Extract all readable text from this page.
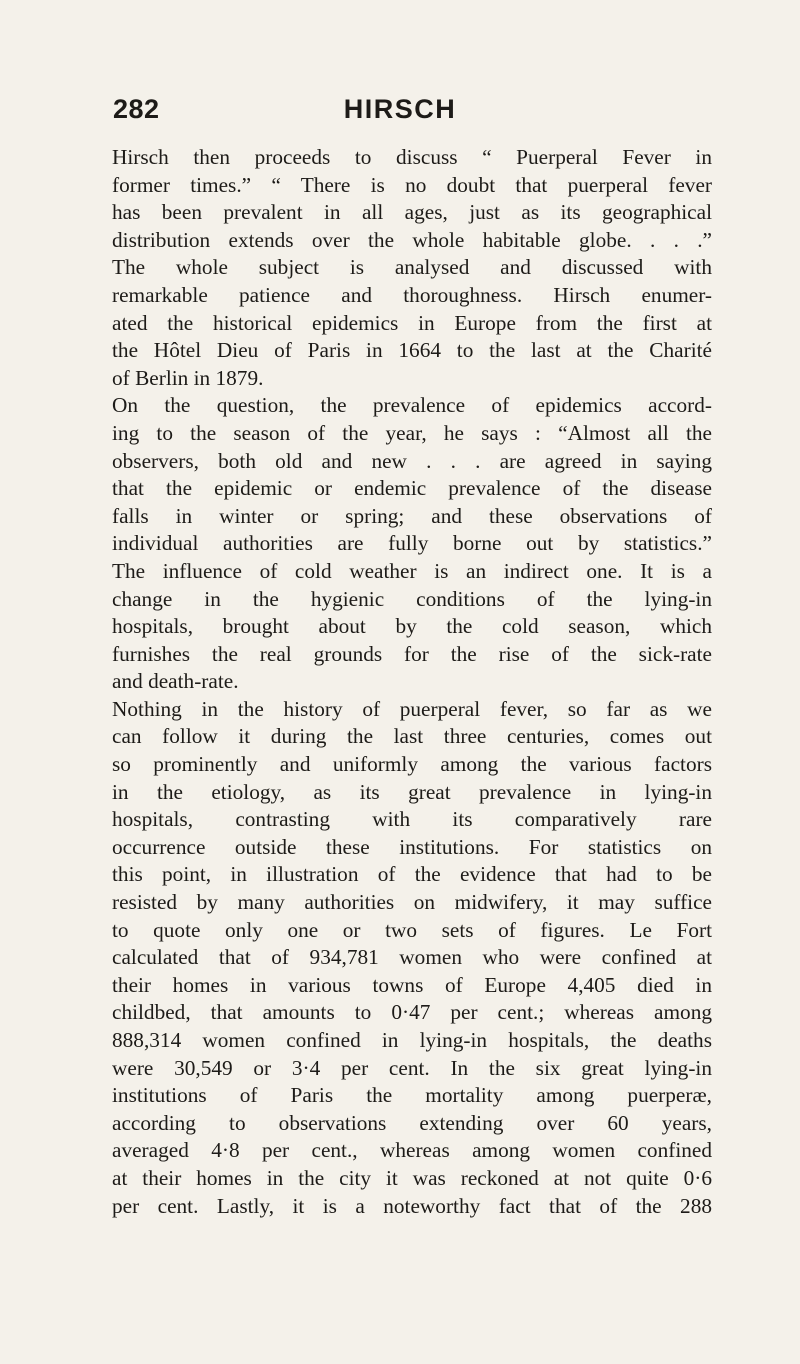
282	HIRSCH
Hirsch then proceeds to discuss “ Puerperal Fever in
former times.” “ There is no doubt that puerperal fever
has been prevalent in all ages, just as its geographical
distribution extends over the whole habitable globe. . . .”
The whole subject is analysed and discussed with
remarkable patience and thoroughness. Hirsch enumer-
ated the historical epidemics in Europe from the first at
the Hôtel Dieu of Paris in 1664 to the last at the Charité
of Berlin in 1879.
On the question, the prevalence of epidemics accord-
ing to the season of the year, he says : “Almost all the
observers, both old and new . . . are agreed in saying
that the epidemic or endemic prevalence of the disease
falls in winter or spring; and these observations of
individual authorities are fully borne out by statistics.”
The influence of cold weather is an indirect one. It is a
change in the hygienic conditions of the lying-in
hospitals, brought about by the cold season, which
furnishes the real grounds for the rise of the sick-rate
and death-rate.
Nothing in the history of puerperal fever, so far as we
can follow it during the last three centuries, comes out
so prominently and uniformly among the various factors
in the etiology, as its great prevalence in lying-in
hospitals, contrasting with its comparatively rare
occurrence outside these institutions. For statistics on
this point, in illustration of the evidence that had to be
resisted by many authorities on midwifery, it may suffice
to quote only one or two sets of figures. Le Fort
calculated that of 934,781 women who were confined at
their homes in various towns of Europe 4,405 died in
childbed, that amounts to 0·47 per cent.; whereas among
888,314 women confined in lying-in hospitals, the deaths
were 30,549 or 3·4 per cent. In the six great lying-in
institutions of Paris the mortality among puerperæ,
according to observations extending over 60 years,
averaged 4·8 per cent., whereas among women confined
at their homes in the city it was reckoned at not quite 0·6
per cent. Lastly, it is a noteworthy fact that of the 288
